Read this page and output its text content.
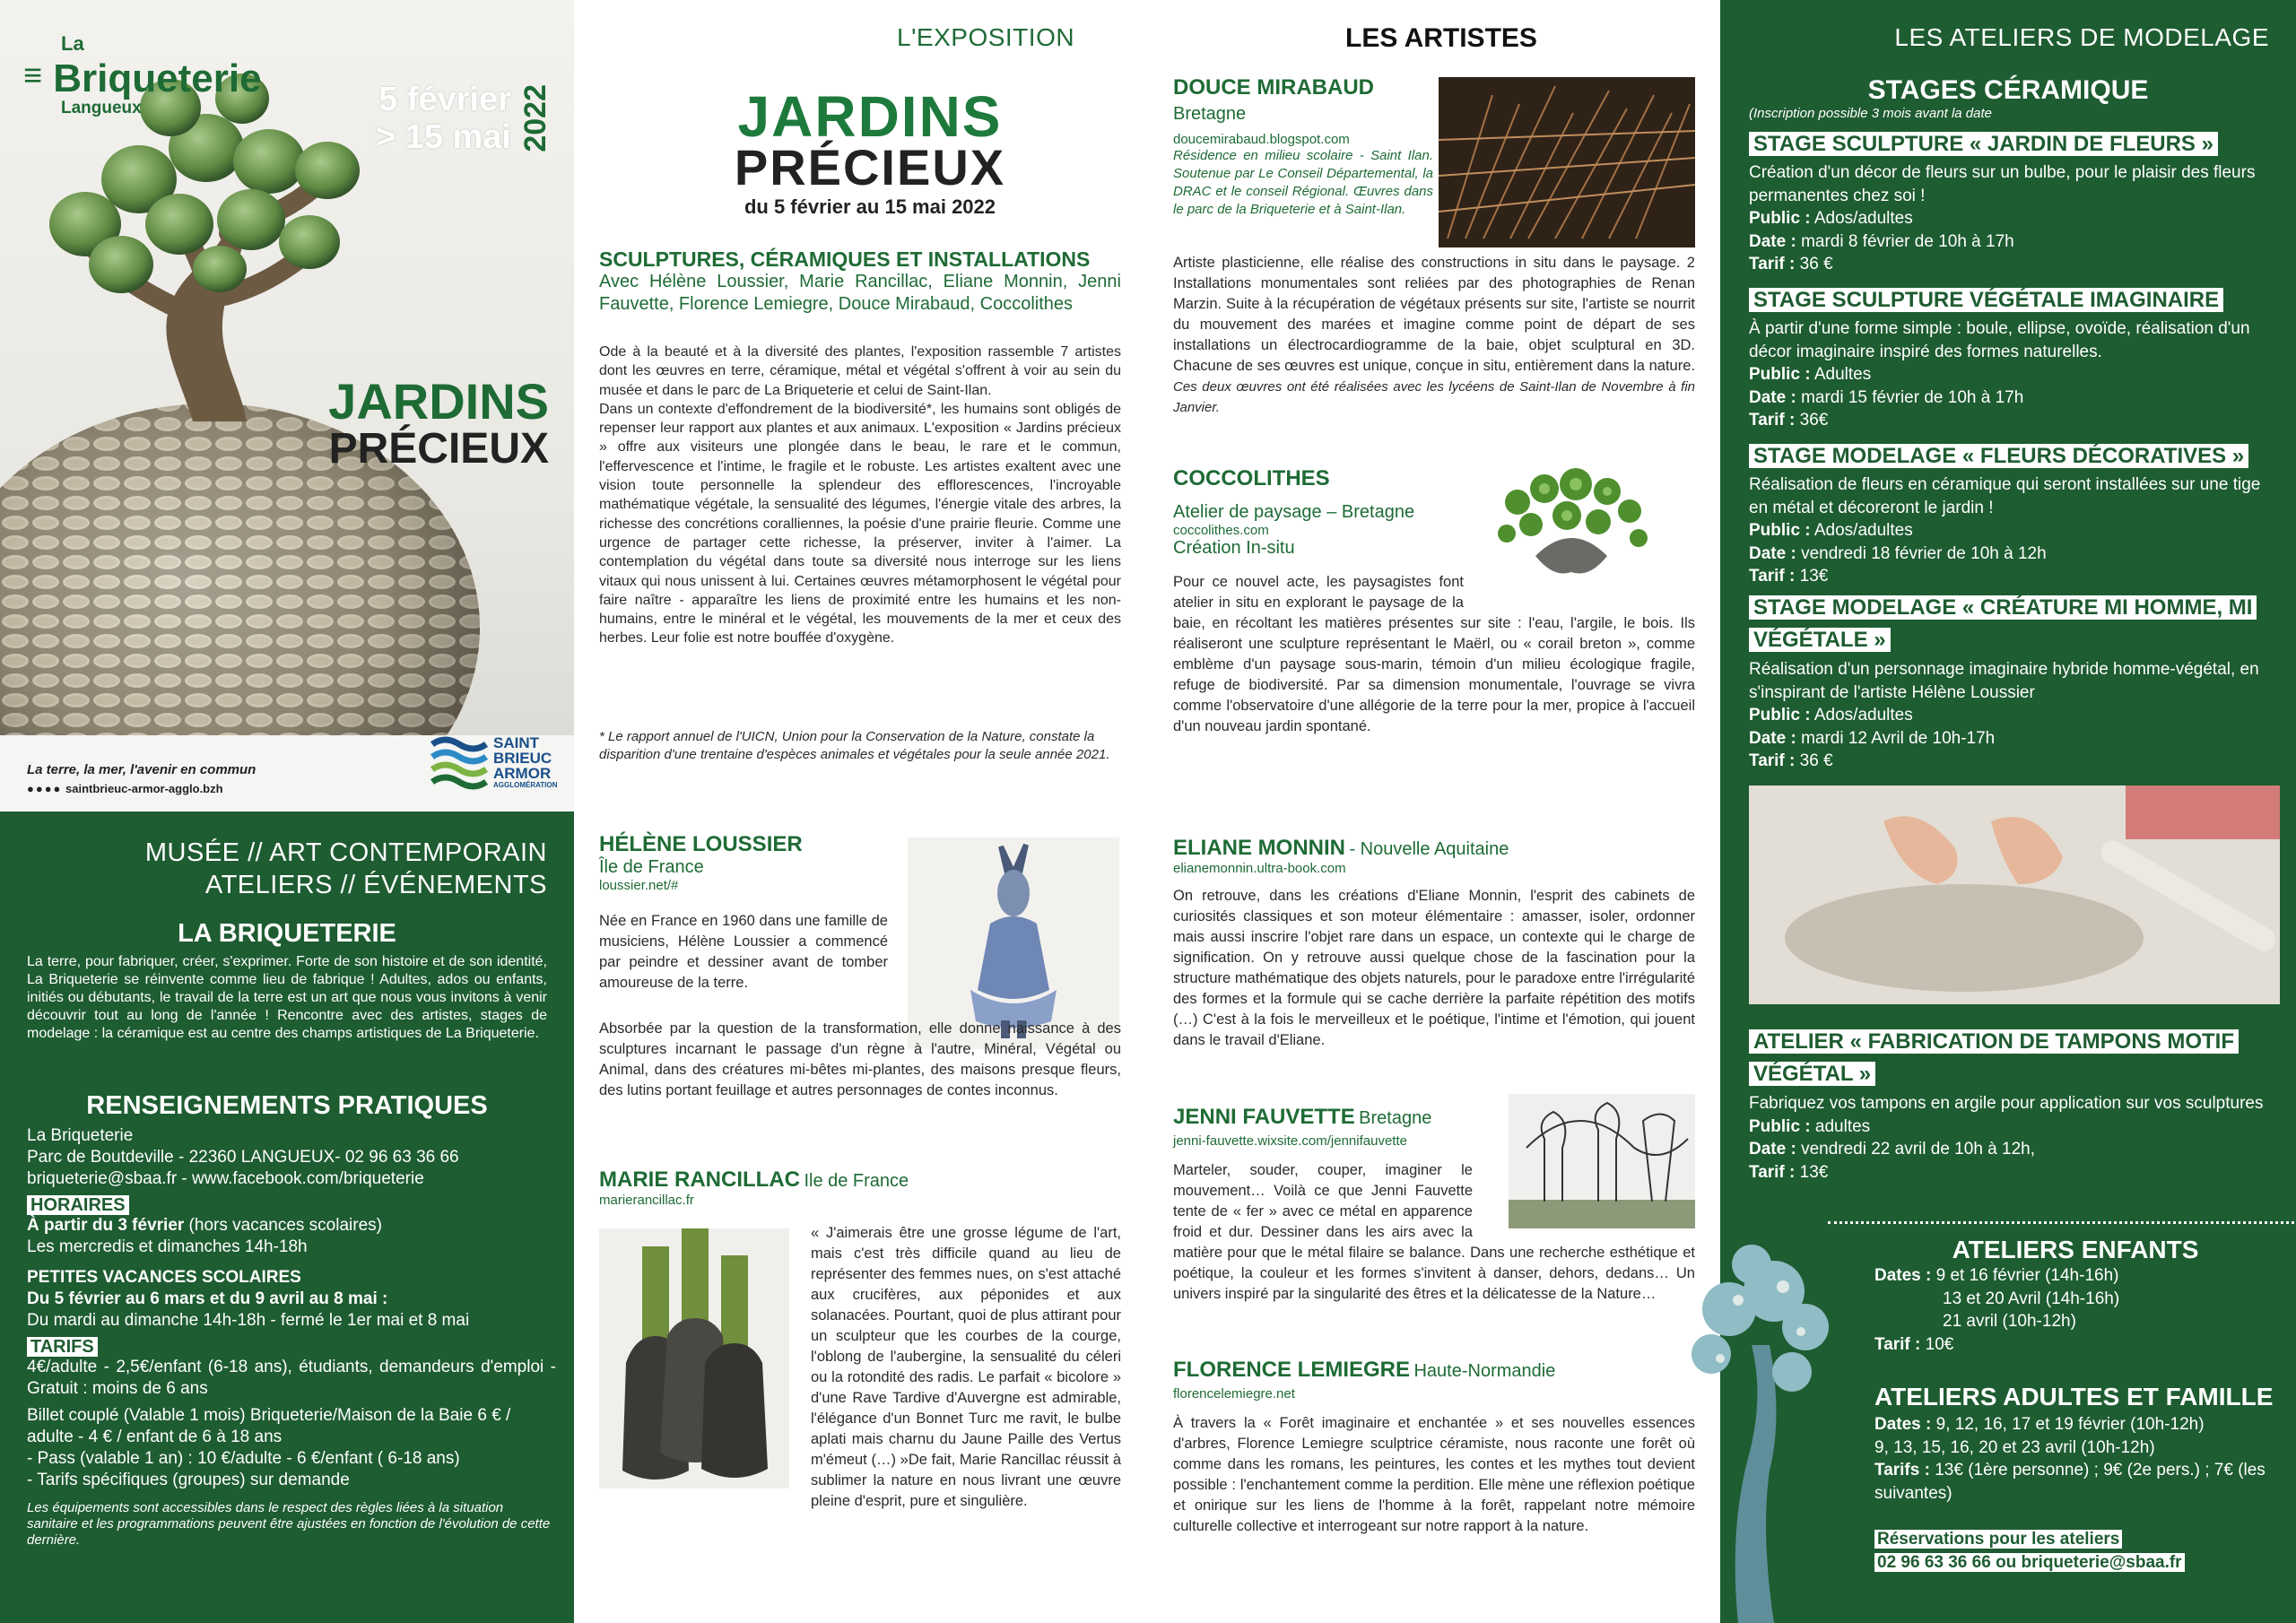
La
≡ Briqueterie
Langueux	5 février
> 15 mai 2022
JARDINS
PRÉCIEUX
La terre, la mer, l'avenir en commun
●●●● saintbrieuc-armor-agglo.bzh
SAINT
BRIEUC
ARMOR
AGGLOMÉRATION
MUSÉE // ART CONTEMPORAIN
ATELIERS // ÉVÉNEMENTS
LA BRIQUETERIE
La terre, pour fabriquer, créer, s'exprimer. Forte de son histoire et de son identité, La Briqueterie se réinvente comme lieu de fabrique ! Adultes, ados ou enfants, initiés ou débutants, le travail de la terre est un art que nous vous invitons à venir découvrir tout au long de l'année ! Rencontre avec des artistes, stages de modelage : la céramique est au centre des champs artistiques de La Briqueterie.
RENSEIGNEMENTS PRATIQUES
La Briqueterie
Parc de Boutdeville - 22360 LANGUEUX- 02 96 63 36 66
briqueterie@sbaa.fr - www.facebook.com/briqueterie
HORAIRES
À partir du 3 février (hors vacances scolaires)
Les mercredis et dimanches 14h-18h
PETITES VACANCES SCOLAIRES
Du 5 février au 6 mars et du 9 avril au 8 mai :
Du mardi au dimanche 14h-18h - fermé le 1er mai et 8 mai
TARIFS
4€/adulte - 2,5€/enfant (6-18 ans), étudiants, demandeurs d'emploi - Gratuit : moins de 6 ans
Billet couplé (Valable 1 mois) Briqueterie/Maison de la Baie 6 € / adulte - 4 € / enfant de 6 à 18 ans
- Pass (valable 1 an) : 10 €/adulte - 6 €/enfant ( 6-18 ans)
- Tarifs spécifiques (groupes) sur demande
Les équipements sont accessibles dans le respect des règles liées à la situation sanitaire et les programmations peuvent être ajustées en fonction de l'évolution de cette dernière.
L'EXPOSITION
JARDINS
PRÉCIEUX
du 5 février au 15 mai 2022
SCULPTURES, CÉRAMIQUES ET INSTALLATIONS
Avec Hélène Loussier, Marie Rancillac, Eliane Monnin, Jenni Fauvette, Florence Lemiegre, Douce Mirabaud, Coccolithes

Ode à la beauté et à la diversité des plantes, l'exposition rassemble 7 artistes dont les œuvres en terre, céramique, métal et végétal s'offrent à voir au sein du musée et dans le parc de La Briqueterie et celui de Saint-Ilan.

Dans un contexte d'effondrement de la biodiversité*, les humains sont obligés de repenser leur rapport aux plantes et aux animaux. L'exposition « Jardins précieux » offre aux visiteurs une plongée dans le beau, le rare et le commun, l'effervescence et l'intime, le fragile et le robuste. Les artistes exaltent avec une vision toute personnelle la splendeur des efflorescences, l'incroyable mathématique végétale, la sensualité des légumes, l'énergie vitale des arbres, la richesse des concrétions coralliennes, la poésie d'une prairie fleurie. Comme une urgence de partager cette richesse, la préserver, inviter à l'aimer. La contemplation du végétal dans toute sa diversité nous interroge sur les liens vitaux qui nous unissent à lui. Certaines œuvres métamorphosent le végétal pour faire naître - apparaître les liens de proximité entre les humains et les non-humains, entre le minéral et le végétal, les mouvements de la mer et ceux des herbes. Leur folie est notre bouffée d'oxygène.

* Le rapport annuel de l'UICN, Union pour la Conservation de la Nature, constate la disparition d'une trentaine d'espèces animales et végétales pour la seule année 2021.
HÉLÈNE LOUSSIER
Île de France
loussier.net/#
Née en France en 1960 dans une famille de musiciens, Hélène Loussier a commencé par peindre et dessiner avant de tomber amoureuse de la terre.
Absorbée par la question de la transformation, elle donne naissance à des sculptures incarnant le passage d'un règne à l'autre, Minéral, Végétal ou Animal, dans des créatures mi-bêtes mi-plantes, des maisons presque fleurs, des lutins portant feuillage et autres personnages de contes inconnus.
MARIE RANCILLAC Ile de France
marierancillac.fr
« J'aimerais être une grosse légume de l'art, mais c'est très difficile quand au lieu de représenter des femmes nues, on s'est attaché aux crucifères, aux péponides et aux solanacées. Pourtant, quoi de plus attirant pour un sculpteur que les courbes de la courge, l'oblong de l'aubergine, la sensualité du céleri ou la rotondité des radis. Le parfait « bicolore » d'une Rave Tardive d'Auvergne est admirable, l'élégance d'un Bonnet Turc me ravit, le bulbe aplati mais charnu du Jaune Paille des Vertus m'émeut (…) »De fait, Marie Rancillac réussit à sublimer la nature en nous livrant une œuvre pleine d'esprit, pure et singulière.
LES ARTISTES
DOUCE MIRABAUD
Bretagne
doucemirabaud.blogspot.com
Résidence en milieu scolaire - Saint Ilan. Soutenue par Le Conseil Départemental, la DRAC et le conseil Régional. Œuvres dans le parc de la Briqueterie et à Saint-Ilan.
Artiste plasticienne, elle réalise des constructions in situ dans le paysage. 2 Installations monumentales sont reliées par des photographies de Renan Marzin. Suite à la récupération de végétaux présents sur site, l'artiste se nourrit du mouvement des marées et imagine comme point de départ de ses installations un électrocardiogramme de la baie, objet sculptural en 3D. Chacune de ses œuvres est unique, conçue in situ, entièrement dans la nature. Ces deux œuvres ont été réalisées avec les lycéens de Saint-Ilan de Novembre à fin Janvier.
COCCOLITHES
Atelier de paysage – Bretagne
coccolithes.com
Création In-situ
Pour ce nouvel acte, les paysagistes font atelier in situ en explorant le paysage de la baie, en récoltant les matières présentes sur site : l'eau, l'argile, le bois. Ils réaliseront une sculpture représentant le Maërl, ou « corail breton », comme emblème d'un paysage sous-marin, témoin d'un milieu écologique fragile, refuge de biodiversité. Par sa dimension monumentale, l'ouvrage se vivra comme l'observatoire d'une allégorie de la terre pour la mer, propice à l'accueil d'un nouveau jardin spontané.
ELIANE MONNIN - Nouvelle Aquitaine
elianemonnin.ultra-book.com
On retrouve, dans les créations d'Eliane Monnin, l'esprit des cabinets de curiosités classiques et son moteur élémentaire : amasser, isoler, ordonner mais aussi inscrire l'objet rare dans un espace, un contexte qui le charge de signification. On y retrouve aussi quelque chose de la fascination pour la structure mathématique des objets naturels, pour le paradoxe entre l'irrégularité des formes et la formule qui se cache derrière la parfaite répétition des motifs (…) C'est à la fois le merveilleux et le poétique, l'intime et l'émotion, qui jouent dans le travail d'Eliane.
JENNI FAUVETTE Bretagne
jenni-fauvette.wixsite.com/jennifauvette
Marteler, souder, couper, imaginer le mouvement… Voilà ce que Jenni Fauvette tente de « fer » avec ce métal en apparence froid et dur. Dessiner dans les airs avec la matière pour que le métal filaire se balance. Dans une recherche esthétique et poétique, la couleur et les formes s'invitent à danser, dehors, dedans… Un univers inspiré par la singularité des êtres et la délicatesse de la Nature…
FLORENCE LEMIEGRE Haute-Normandie
florencelemiegre.net
À travers la « Forêt imaginaire et enchantée » et ses nouvelles essences d'arbres, Florence Lemiegre sculptrice céramiste, nous raconte une forêt où comme dans les romans, les peintures, les contes et les mythes tout devient possible : l'enchantement comme la perdition. Elle mène une réflexion poétique et onirique sur les liens de l'homme à la forêt, rappelant notre mémoire culturelle collective et interrogeant sur notre rapport à la nature.
LES ATELIERS DE MODELAGE
STAGES CÉRAMIQUE
(Inscription possible 3 mois avant la date
STAGE SCULPTURE « JARDIN DE FLEURS »
Création d'un décor de fleurs sur un bulbe, pour le plaisir des fleurs permanentes chez soi !
Public : Ados/adultes
Date : mardi 8 février de 10h à 17h
Tarif : 36 €
STAGE SCULPTURE VÉGÉTALE IMAGINAIRE
À partir d'une forme simple : boule, ellipse, ovoïde, réalisation d'un décor imaginaire inspiré des formes naturelles.
Public : Adultes
Date : mardi 15 février de 10h à 17h
Tarif : 36€
STAGE MODELAGE « FLEURS DÉCORATIVES »
Réalisation de fleurs en céramique qui seront installées sur une tige en métal et décoreront le jardin !
Public : Ados/adultes
Date : vendredi 18 février de 10h à 12h
Tarif : 13€
STAGE MODELAGE « CRÉATURE MI HOMME, MI VÉGÉTALE »
Réalisation d'un personnage imaginaire hybride homme-végétal, en s'inspirant de l'artiste Hélène Loussier
Public : Ados/adultes
Date : mardi 12 Avril de 10h-17h
Tarif : 36 €
ATELIER « FABRICATION DE TAMPONS MOTIF VÉGÉTAL »
Fabriquez vos tampons en argile pour application sur vos sculptures
Public : adultes
Date : vendredi 22 avril de 10h à 12h,
Tarif : 13€
ATELIERS ENFANTS
Dates : 9 et 16 février (14h-16h)
13 et 20 Avril (14h-16h)
21 avril (10h-12h)
Tarif : 10€
ATELIERS ADULTES ET FAMILLE
Dates : 9, 12, 16, 17 et 19 février (10h-12h)
9, 13, 15, 16, 20 et 23 avril (10h-12h)
Tarifs : 13€ (1ère personne) ; 9€ (2e pers.) ; 7€ (les suivantes)
Réservations pour les ateliers
02 96 63 36 66 ou briqueterie@sbaa.fr
